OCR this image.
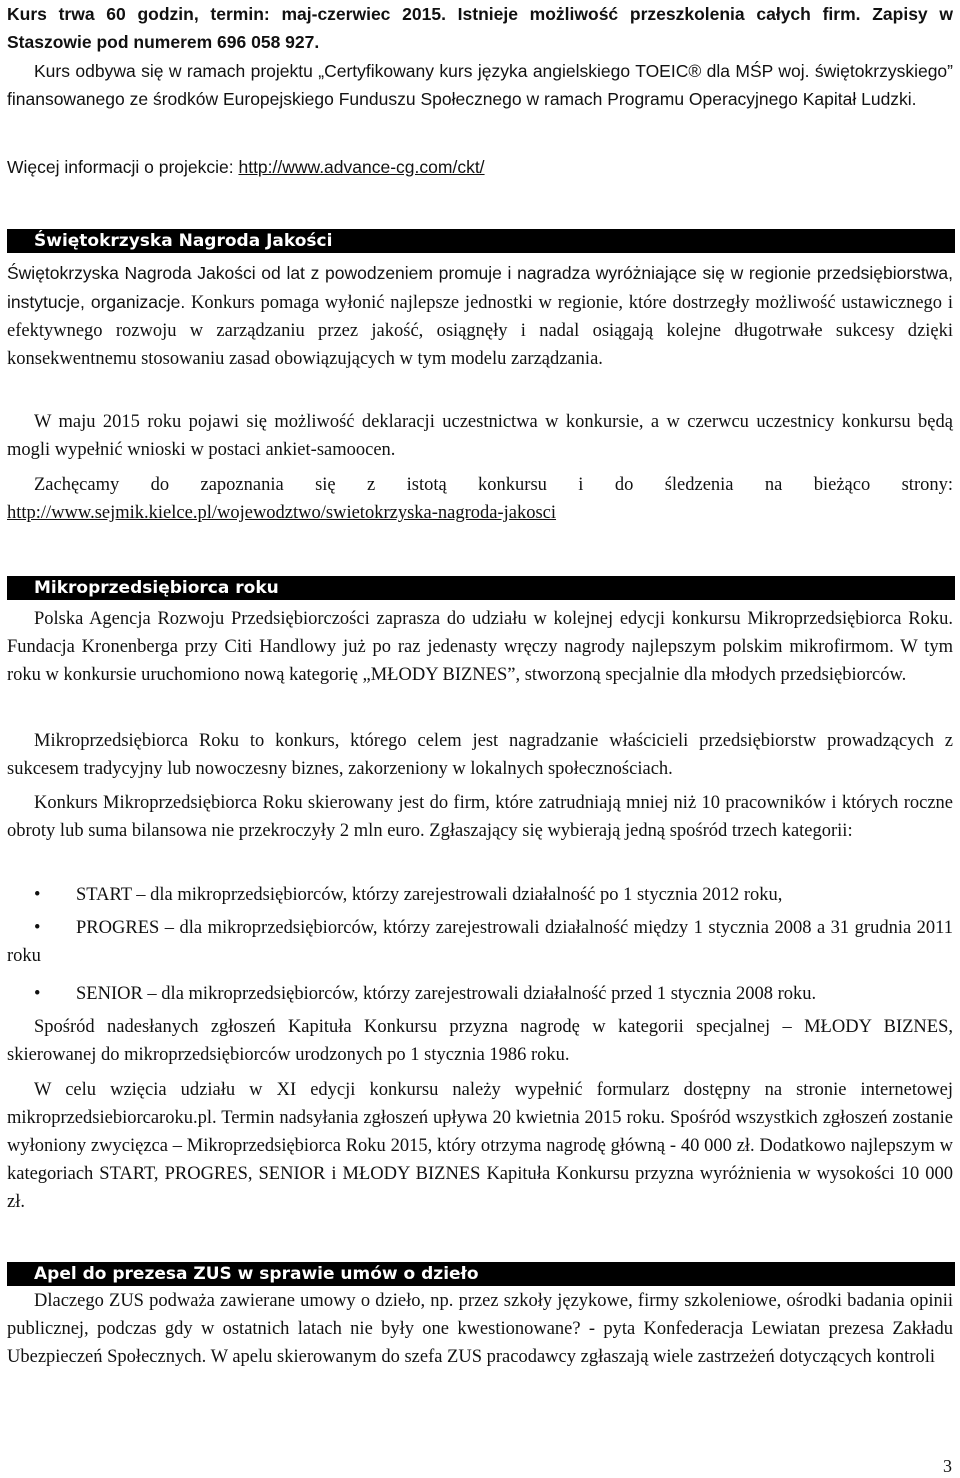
Kurs trwa 60 godzin, termin: maj-czerwiec 2015. Istnieje możliwość przeszkolenia całych firm. Zapisy w Staszowie pod numerem 696 058 927.

Kurs odbywa się w ramach projektu „Certyfikowany kurs języka angielskiego TOEIC® dla MŚP woj. świętokrzyskiego” finansowanego ze środków Europejskiego Funduszu Społecznego w ramach Programu Operacyjnego Kapitał Ludzki.

Więcej informacji o projekcie: http://www.advance-cg.com/ckt/

Świętokrzyska Nagroda Jakości

Świętokrzyska Nagroda Jakości od lat z powodzeniem promuje i nagradza wyróżniające się w regionie przedsiębiorstwa, instytucje, organizacje. Konkurs pomaga wyłonić najlepsze jednostki w regionie, które dostrzegły możliwość ustawicznego i efektywnego rozwoju w zarządzaniu przez jakość, osiągnęły i nadal osiągają kolejne długotrwałe sukcesy dzięki konsekwentnemu stosowaniu zasad obowiązujących w tym modelu zarządzania.

W maju 2015 roku pojawi się możliwość deklaracji uczestnictwa w konkursie, a w czerwcu uczestnicy konkursu będą mogli wypełnić wnioski w postaci ankiet-samoocen.

Zachęcamy do zapoznania się z istotą konkursu i do śledzenia na bieżąco strony: http://www.sejmik.kielce.pl/wojewodztwo/swietokrzyska-nagroda-jakosci

Mikroprzedsiębiorca roku

Polska Agencja Rozwoju Przedsiębiorczości zaprasza do udziału w kolejnej edycji konkursu Mikroprzedsiębiorca Roku. Fundacja Kronenberga przy Citi Handlowy już po raz jedenasty wręczy nagrody najlepszym polskim mikrofirmom. W tym roku w konkursie uruchomiono nową kategorię „MŁODY BIZNES”, stworzoną specjalnie dla młodych przedsiębiorców.

Mikroprzedsiębiorca Roku to konkurs, którego celem jest nagradzanie właścicieli przedsiębiorstw prowadzących z sukcesem tradycyjny lub nowoczesny biznes, zakorzeniony w lokalnych społecznościach.

Konkurs Mikroprzedsiębiorca Roku skierowany jest do firm, które zatrudniają mniej niż 10 pracowników i których roczne obroty lub suma bilansowa nie przekroczyły 2 mln euro. Zgłaszający się wybierają jedną spośród trzech kategorii:

•	START – dla mikroprzedsiębiorców, którzy zarejestrowali działalność po 1 stycznia 2012 roku,
•	PROGRES – dla mikroprzedsiębiorców, którzy zarejestrowali działalność między 1 stycznia 2008 a 31 grudnia 2011 roku
•	SENIOR – dla mikroprzedsiębiorców, którzy zarejestrowali działalność przed 1 stycznia 2008 roku.

Spośród nadesłanych zgłoszeń Kapituła Konkursu przyzna nagrodę w kategorii specjalnej – MŁODY BIZNES, skierowanej do mikroprzedsiębiorców urodzonych po 1 stycznia 1986 roku.

W celu wzięcia udziału w XI edycji konkursu należy wypełnić formularz dostępny na stronie internetowej mikroprzedsiebiorcaroku.pl. Termin nadsyłania zgłoszeń upływa 20 kwietnia 2015 roku. Spośród wszystkich zgłoszeń zostanie wyłoniony zwycięzca – Mikroprzedsiębiorca Roku 2015, który otrzyma nagrodę główną - 40 000 zł. Dodatkowo najlepszym w kategoriach START, PROGRES, SENIOR i MŁODY BIZNES Kapituła Konkursu przyzna wyróżnienia w wysokości 10 000 zł.

Apel do prezesa ZUS w sprawie umów o dzieło

Dlaczego ZUS podważa zawierane umowy o dzieło, np. przez szkoły językowe, firmy szkoleniowe, ośrodki badania opinii publicznej, podczas gdy w ostatnich latach nie były one kwestionowane? - pyta Konfederacja Lewiatan prezesa Zakładu Ubezpieczeń Społecznych. W apelu skierowanym do szefa ZUS pracodawcy zgłaszają wiele zastrzeżeń dotyczących kontroli

3
